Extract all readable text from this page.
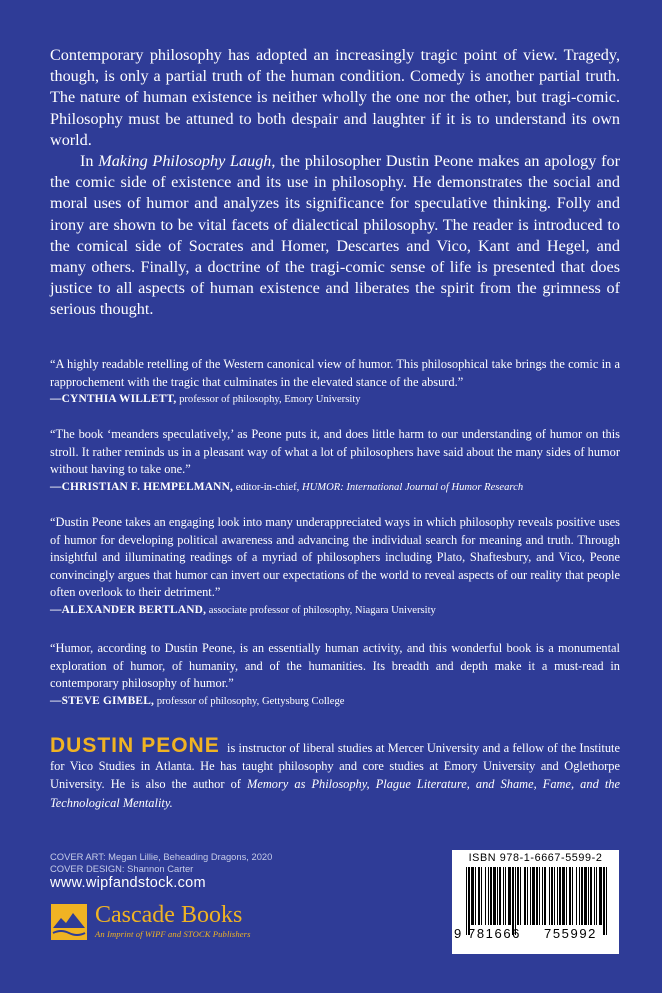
Contemporary philosophy has adopted an increasingly tragic point of view. Tragedy, though, is only a partial truth of the human condition. Comedy is another partial truth. The nature of human existence is neither wholly the one nor the other, but tragi-comic. Philosophy must be attuned to both despair and laughter if it is to understand its own world.

In Making Philosophy Laugh, the philosopher Dustin Peone makes an apology for the comic side of existence and its use in philosophy. He demonstrates the social and moral uses of humor and analyzes its significance for speculative thinking. Folly and irony are shown to be vital facets of dialectical philosophy. The reader is introduced to the comical side of Socrates and Homer, Descartes and Vico, Kant and Hegel, and many others. Finally, a doctrine of the tragi-comic sense of life is presented that does justice to all aspects of human existence and liberates the spirit from the grimness of serious thought.

“A highly readable retelling of the Western canonical view of humor. This philosophical take brings the comic in a rapprochement with the tragic that culminates in the elevated stance of the absurd.”

—CYNTHIA WILLETT, professor of philosophy, Emory University

“The book ‘meanders speculatively,’ as Peone puts it, and does little harm to our understanding of humor on this stroll. It rather reminds us in a pleasant way of what a lot of philosophers have said about the many sides of humor without having to take one.”

—CHRISTIAN F. HEMPELMANN, editor-in-chief, HUMOR: International Journal of Humor Research

“Dustin Peone takes an engaging look into many underappreciated ways in which philosophy reveals positive uses of humor for developing political awareness and advancing the individual search for meaning and truth. Through insightful and illuminating readings of a myriad of philosophers including Plato, Shaftesbury, and Vico, Peone convincingly argues that humor can invert our expectations of the world to reveal aspects of our reality that people often overlook to their detriment.”

—ALEXANDER BERTLAND, associate professor of philosophy, Niagara University

“Humor, according to Dustin Peone, is an essentially human activity, and this wonderful book is a monumental exploration of humor, of humanity, and of the humanities. Its breadth and depth make it a must-read in contemporary philosophy of humor.”

—STEVE GIMBEL, professor of philosophy, Gettysburg College

DUSTIN PEONE is instructor of liberal studies at Mercer University and a fellow of the Institute for Vico Studies in Atlanta. He has taught philosophy and core studies at Emory University and Oglethorpe University. He is also the author of Memory as Philosophy, Plague Literature, and Shame, Fame, and the Technological Mentality.
COVER ART: Megan Lillie, Beheading Dragons, 2020
COVER DESIGN: Shannon Carter
www.wipfandstock.com
Cascade Books
An Imprint of WIPF and STOCK Publishers
ISBN 978-1-6667-5599-2
9 781666 755992
